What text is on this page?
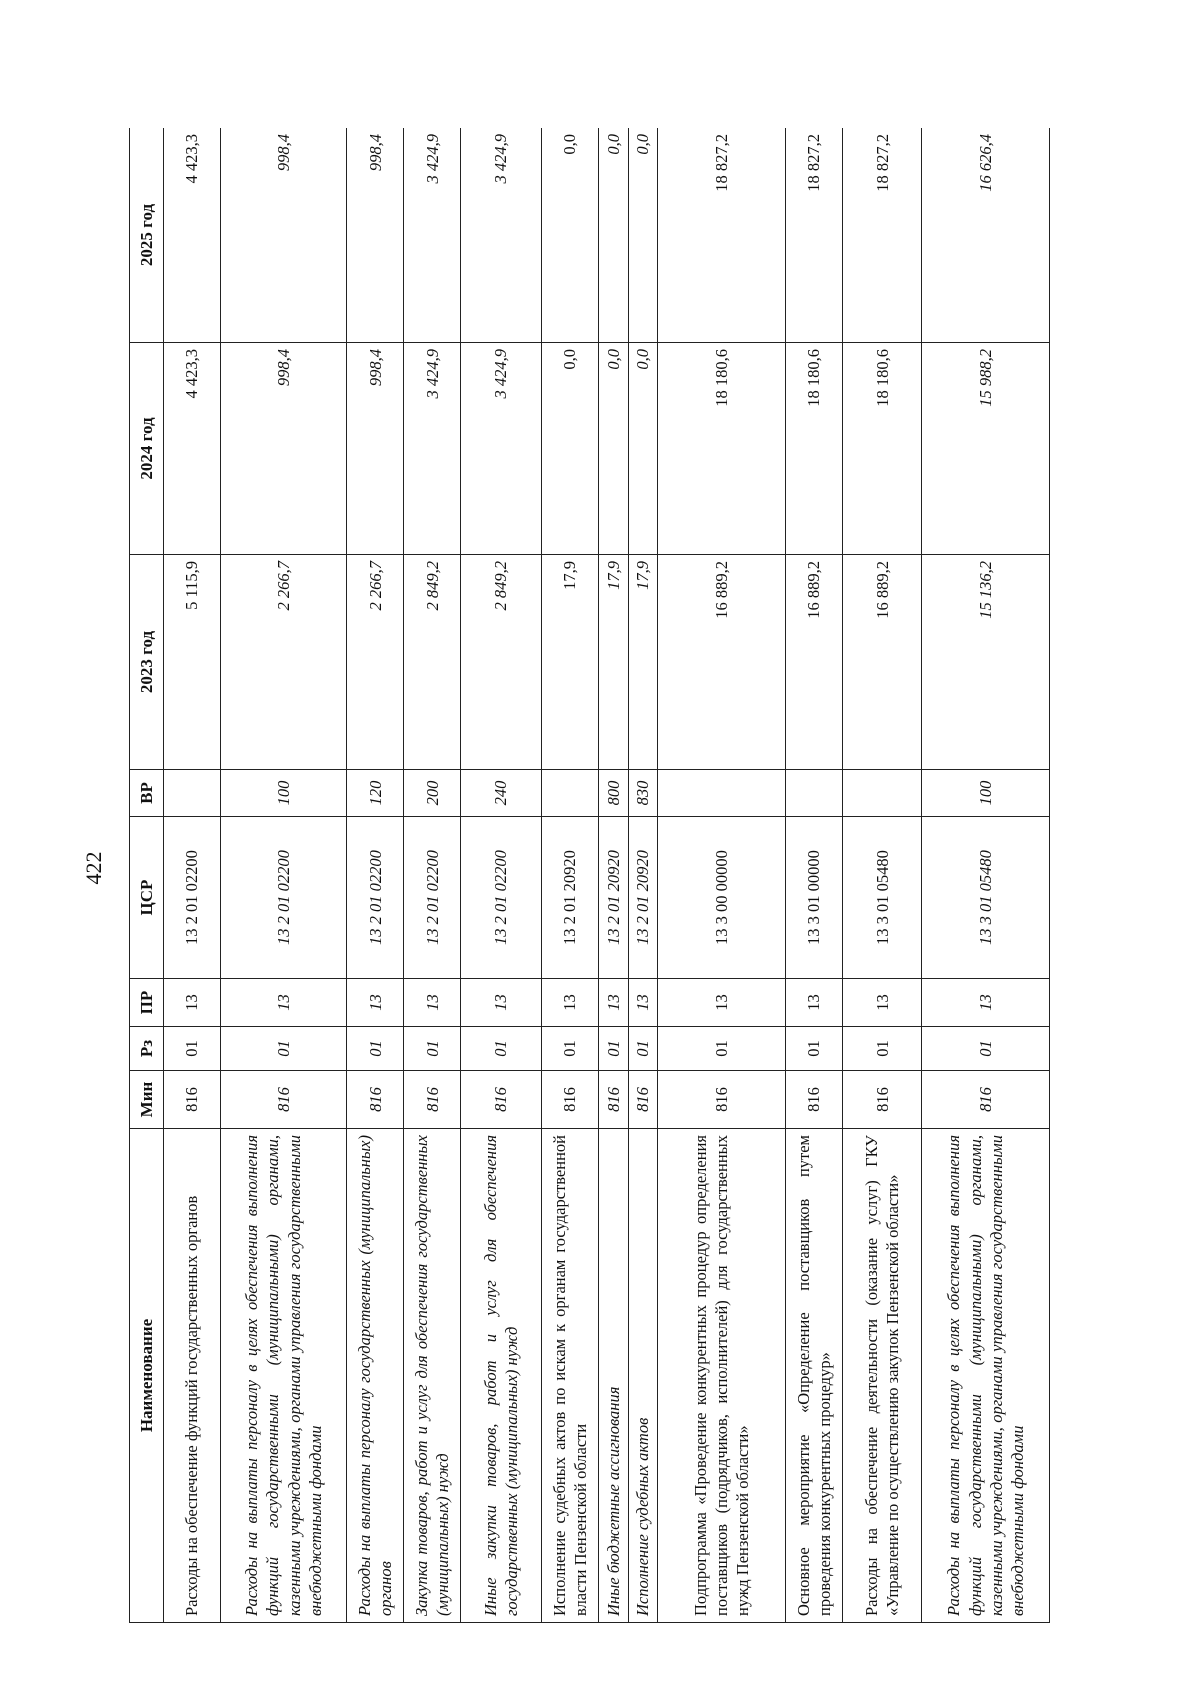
422
Наименование	Мин	Рз	ПР	ЦСР	ВР	2023 год	2024 год	2025 год
Расходы на обеспечение функций государственных органов	816	01	13	13 2 01 02200		5 115,9	4 423,3	4 423,3
Расходы на выплаты персоналу в целях обеспечения выполнения функций государственными (муниципальными) органами, казенными учреждениями, органами управления государственными внебюджетными фондами	816	01	13	13 2 01 02200	100	2 266,7	998,4	998,4
Расходы на выплаты персоналу государственных (муниципальных) органов	816	01	13	13 2 01 02200	120	2 266,7	998,4	998,4
Закупка товаров, работ и услуг для обеспечения государственных (муниципальных) нужд	816	01	13	13 2 01 02200	200	2 849,2	3 424,9	3 424,9
Иные закупки товаров, работ и услуг для обеспечения государственных (муниципальных) нужд	816	01	13	13 2 01 02200	240	2 849,2	3 424,9	3 424,9
Исполнение судебных актов по искам к органам государственной власти Пензенской области	816	01	13	13 2 01 20920		17,9	0,0	0,0
Иные бюджетные ассигнования	816	01	13	13 2 01 20920	800	17,9	0,0	0,0
Исполнение судебных актов	816	01	13	13 2 01 20920	830	17,9	0,0	0,0
Подпрограмма «Проведение конкурентных процедур определения поставщиков (подрядчиков, исполнителей) для государственных нужд Пензенской области»	816	01	13	13 3 00 00000		16 889,2	18 180,6	18 827,2
Основное мероприятие «Определение поставщиков путем проведения конкурентных процедур»	816	01	13	13 3 01 00000		16 889,2	18 180,6	18 827,2
Расходы на обеспечение деятельности (оказание услуг) ГКУ «Управление по осуществлению закупок Пензенской области»	816	01	13	13 3 01 05480		16 889,2	18 180,6	18 827,2
Расходы на выплаты персоналу в целях обеспечения выполнения функций государственными (муниципальными) органами, казенными учреждениями, органами управления государственными внебюджетными фондами	816	01	13	13 3 01 05480	100	15 136,2	15 988,2	16 626,4
